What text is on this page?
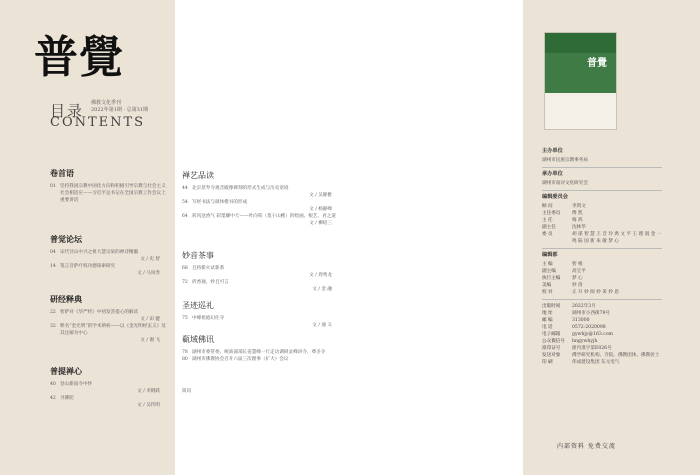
普覺
目录
CONTENTS
佛教文化季刊
2022年第1期 · 总第31期
卷首语
01 坚持我国宗教中国化方向和积极引导宗教与社会主义社会相适应——习近平总书记在全国宗教工作会议上重要讲话
普觉论坛
04 宋代径山中兴之祖大慧宗杲的禅诗精髓
文 / 史 智
14 笺言音萨疗权功德探索研究
文 / 马凤寿
研经释典
22 智萨对《华严经》中初发菩提心的解读
文 / 田 健
32 释名“金光明”的学术辨析——以《金光明经玄义》及其注解为中心
文 / 谢 飞
普提禅心
40 登山新南寺中怀
文 / 李钢跃
42 寻佛陀
文 / 吴传明
禅艺品读
44 北京慈寿寺观音殿像碑刻的形式生成与历史语境
文 / 吴静雅
54 写经书法与颜体楷书的形成
文 / 杨静峰
64 荷风送香气 彩墨耀中天——叶向荀（莫干山樵）的绘画、根艺、君之道
文 / 柳绍三
妙音茶事
68 且将新火试新茶
文 / 周秀龙
72 折香通、妙且可言
文 / 金 融
圣迹巡礼
75 中峰祖庭幻住寺
文 / 通 义
瓻域佛讯
78 湖州市委常委、统战部部长姜慧峰一行走访调研灵峰讲寺、尊圣寺
80 湖州市佛教协会召开六届三次理事（扩大）会议
简讯
普覺
主办单位
湖州市民族宗教事务局
承办单位
湖州市南浔文化研究会
编辑委员会
顾 问	李剑文
主任委员	傅 凯
主 任	梅 鸿
副主任	沈林华
委 员	胡 谋 智 慧 王 音 玲 禹 文 平 王 理 润 金 一 鸣 陆 国 新 朱 敏 梦 心
编辑部
主 编	智 根
副主编	高宝平
执行主编	梦 心
美编	妙 清
校 对	正 升 妙 阅 妙 莱 妙 思
出版时间	2022年3月
地 址	湖州市小西街79号
邮 编	313000
电 话	0572-2020098
电子邮箱	gywhjy@163.com
公众微信号	hngywhyjh
准印证号	浙内准字第E026号
发送对象	佛学研究机构、寺院、佛教团体、佛教居士
印 刷	伟成建设集团 东元电气
内部资料 免费交流
